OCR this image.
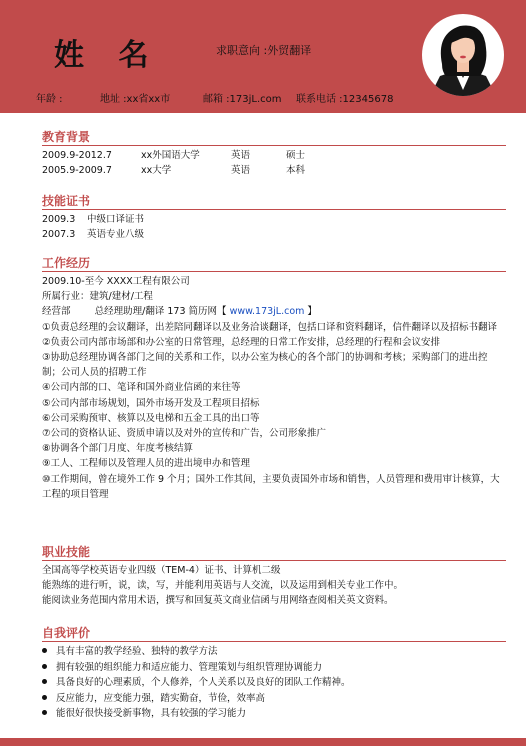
姓 名	求职意向 :外贸翻译
年龄 :	地址 :xx省xx市	邮箱 :173jL.com 联系电话 :12345678
教育背景
2009.9-2012.7	xx外国语大学	英语	硕士
2005.9-2009.7	xx大学	英语	本科
技能证书
2009.3 中级口译证书
2007.3 英语专业八级
工作经历
2009.10-至今 XXXX工程有限公司
所属行业：建筑/建材/工程
经营部        总经理助理/翻译 173 简历网【 www.173jL.com 】
①负责总经理的会议翻译，出差陪同翻译以及业务洽谈翻译，包括口译和资料翻译，信件翻译以及招标书翻译
②负责公司内部市场部和办公室的日常管理，总经理的日常工作安排，总经理的行程和会议安排
③协助总经理协调各部门之间的关系和工作，以办公室为核心的各个部门的协调和考核；采购部门的进出控制；公司人员的招聘工作
④公司内部的口、笔译和国外商业信函的来往等
⑤公司内部市场规划，国外市场开发及工程项目招标
⑥公司采购预审、核算以及电梯和五金工具的出口等
⑦公司的资格认证、资质申请以及对外的宣传和广告，公司形象推广
⑧协调各个部门月度、年度考核结算
⑨工人、工程师以及管理人员的进出境申办和管理
⑩工作期间，曾在境外工作 9 个月；国外工作其间，主要负责国外市场和销售，人员管理和费用审计核算，大工程的项目管理
职业技能
全国高等学校英语专业四级（TEM-4）证书、计算机二级
能熟练的进行听，说，读，写，并能利用英语与人交流，以及运用到相关专业工作中。
能阅读业务范围内常用术语，撰写和回复英文商业信函与用网络查阅相关英文资料。
自我评价
具有丰富的教学经验、独特的教学方法
拥有较强的组织能力和适应能力、管理策划与组织管理协调能力
具备良好的心理素质，个人修养，个人关系以及良好的团队工作精神。
反应能力，应变能力强，踏实勤奋，节俭，效率高
能很好很快接受新事物，具有较强的学习能力
